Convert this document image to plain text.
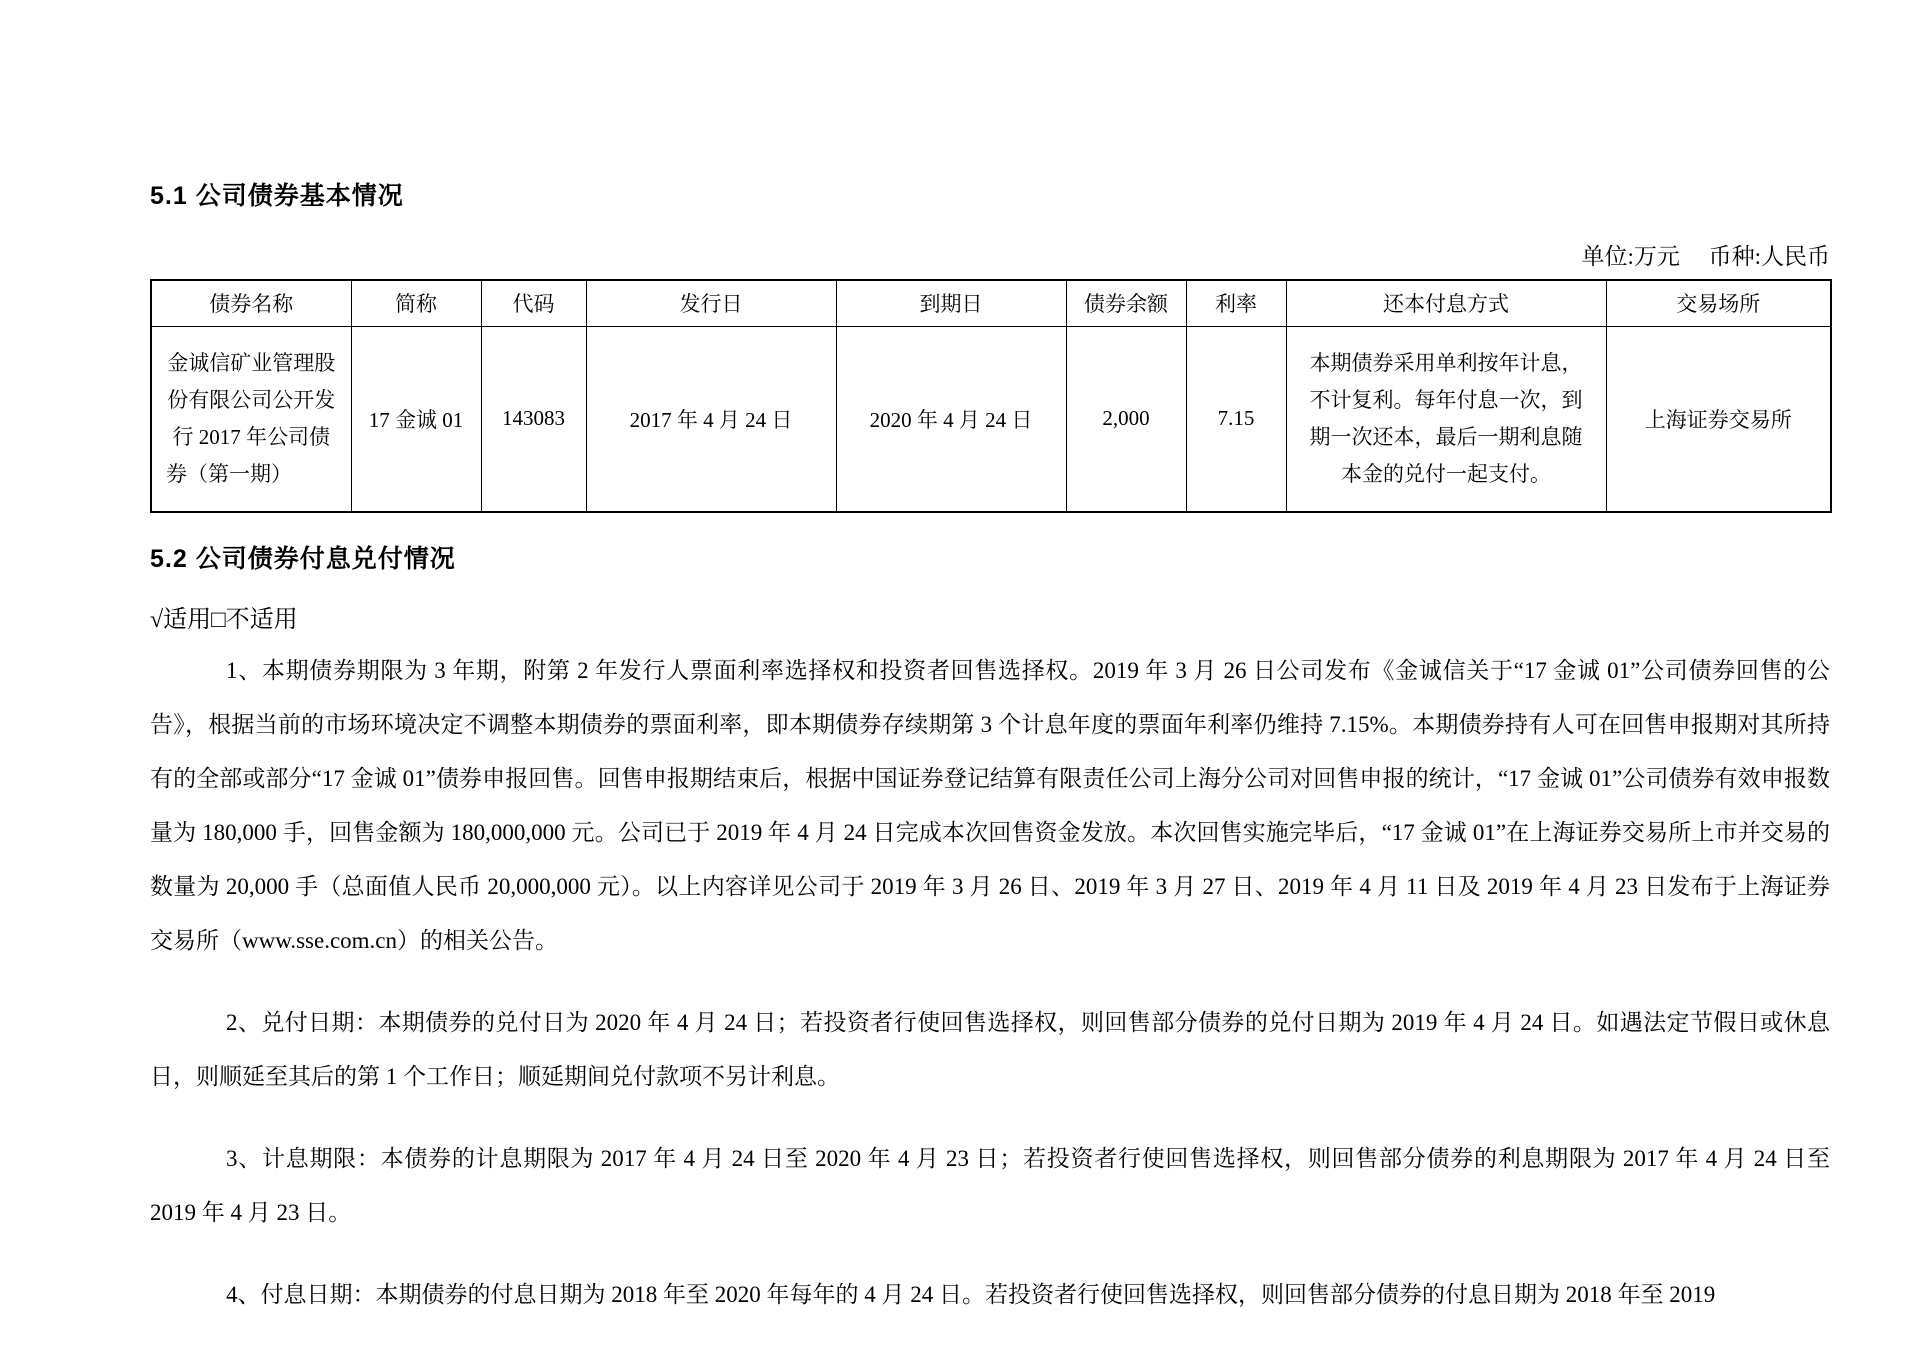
5.1 公司债券基本情况
单位:万元　 币种:人民币
债券名称	简称	代码	发行日	到期日	债券余额	利率	还本付息方式	交易场所
金诚信矿业管理股份有限公司公开发行 2017 年公司债券（第一期）	17 金诚 01	143083	2017 年 4 月 24 日	2020 年 4 月 24 日	2,000	7.15	本期债券采用单利按年计息，不计复利。每年付息一次，到期一次还本，最后一期利息随本金的兑付一起支付。	上海证券交易所
5.2 公司债券付息兑付情况
√适用□不适用

1、本期债券期限为 3 年期，附第 2 年发行人票面利率选择权和投资者回售选择权。2019 年 3 月 26 日公司发布《金诚信关于“17 金诚 01”公司债券回售的公告》，根据当前的市场环境决定不调整本期债券的票面利率，即本期债券存续期第 3 个计息年度的票面年利率仍维持 7.15%。本期债券持有人可在回售申报期对其所持有的全部或部分“17 金诚 01”债券申报回售。回售申报期结束后，根据中国证券登记结算有限责任公司上海分公司对回售申报的统计，“17 金诚 01”公司债券有效申报数量为 180,000 手，回售金额为 180,000,000 元。公司已于 2019 年 4 月 24 日完成本次回售资金发放。本次回售实施完毕后，“17 金诚 01”在上海证券交易所上市并交易的数量为 20,000 手（总面值人民币 20,000,000 元）。以上内容详见公司于 2019 年 3 月 26 日、2019 年 3 月 27 日、2019 年 4 月 11 日及 2019 年 4 月 23 日发布于上海证券交易所（www.sse.com.cn）的相关公告。

2、兑付日期：本期债券的兑付日为 2020 年 4 月 24 日；若投资者行使回售选择权，则回售部分债券的兑付日期为 2019 年 4 月 24 日。如遇法定节假日或休息日，则顺延至其后的第 1 个工作日；顺延期间兑付款项不另计利息。

3、计息期限：本债券的计息期限为 2017 年 4 月 24 日至 2020 年 4 月 23 日；若投资者行使回售选择权，则回售部分债券的利息期限为 2017 年 4 月 24 日至 2019 年 4 月 23 日。

4、付息日期：本期债券的付息日期为 2018 年至 2020 年每年的 4 月 24 日。若投资者行使回售选择权，则回售部分债券的付息日期为 2018 年至 2019
